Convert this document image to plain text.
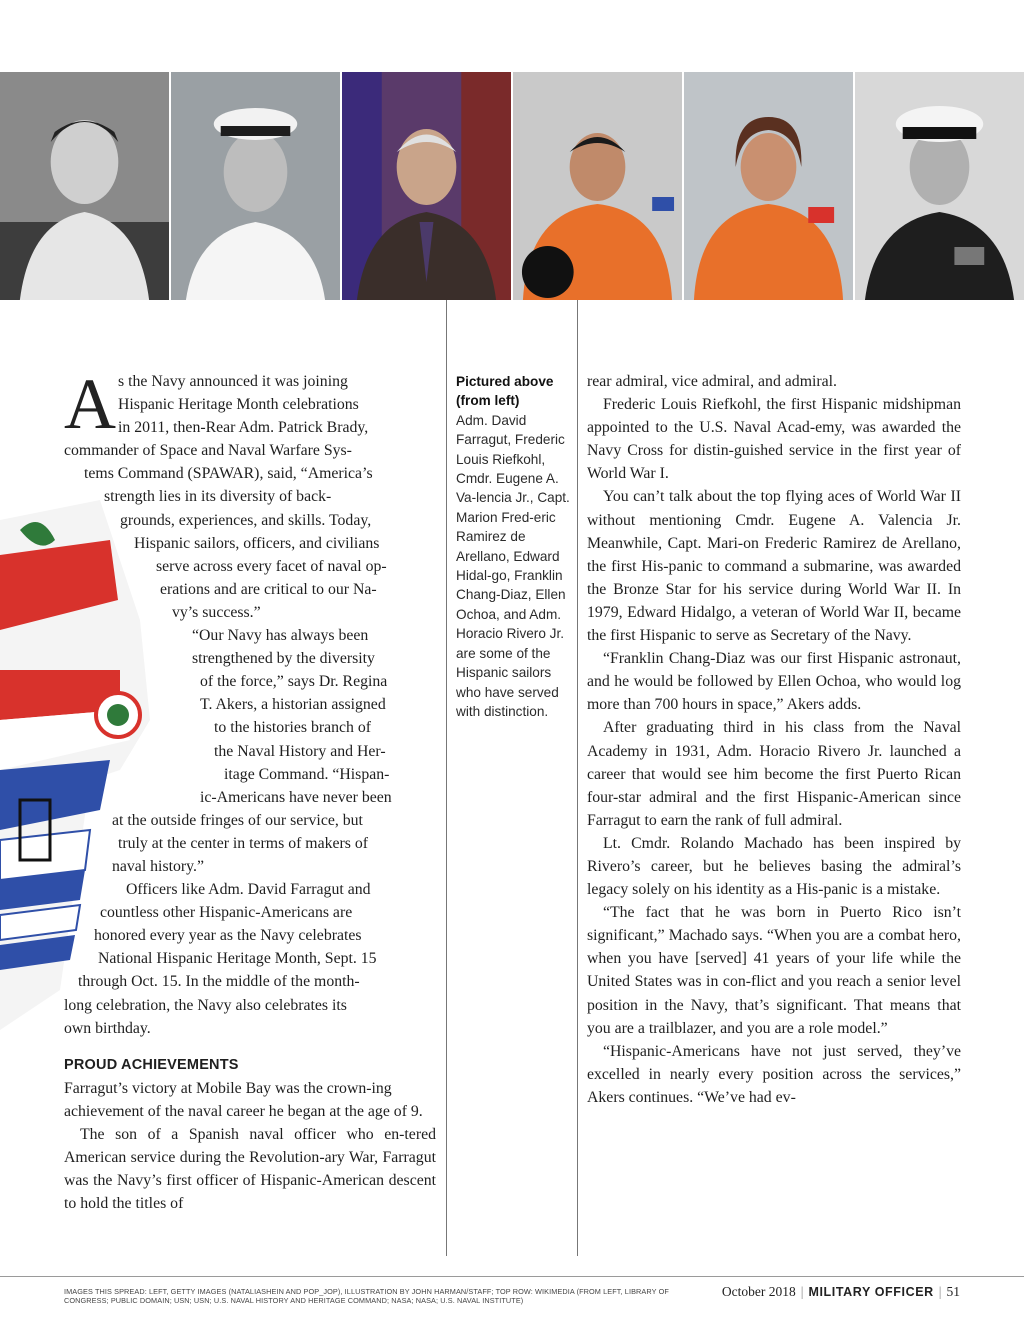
A s the Navy announced it was joining
Hispanic Heritage Month celebrations
in 2011, then-Rear Adm. Patrick Brady,
commander of Space and Naval Warfare Sys-
tems Command (SPAWAR), said, “America’s
strength lies in its diversity of back-
grounds, experiences, and skills. Today,
Hispanic sailors, officers, and civilians
serve across every facet of naval op-
erations and are critical to our Na-
vy’s success.”
“Our Navy has always been
strengthened by the diversity
of the force,” says Dr. Regina
T. Akers, a historian assigned
to the histories branch of
the Naval History and Her-
itage Command. “Hispan-
ic-Americans have never been
at the outside fringes of our service, but
truly at the center in terms of makers of
naval history.”
Officers like Adm. David Farragut and
countless other Hispanic-Americans are
honored every year as the Navy celebrates
National Hispanic Heritage Month, Sept. 15
through Oct. 15. In the middle of the month-
long celebration, the Navy also celebrates its
own birthday.

PROUD ACHIEVEMENTS

Farragut’s victory at Mobile Bay was the crown-ing achievement of the naval career he began at the age of 9.

The son of a Spanish naval officer who en-tered American service during the Revolution-ary War, Farragut was the Navy’s first officer of Hispanic-American descent to hold the titles of

Pictured above (from left)
Adm. David Farragut, Frederic Louis Riefkohl, Cmdr. Eugene A. Va-lencia Jr., Capt. Marion Fred-eric Ramirez de Arellano, Edward Hidal-go, Franklin Chang-Diaz, Ellen Ochoa, and Adm. Horacio Rivero Jr. are some of the Hispanic sailors who have served with distinction.

rear admiral, vice admiral, and admiral.

Frederic Louis Riefkohl, the first Hispanic midshipman appointed to the U.S. Naval Acad-emy, was awarded the Navy Cross for distin-guished service in the first year of World War I.

You can’t talk about the top flying aces of World War II without mentioning Cmdr. Eugene A. Valencia Jr. Meanwhile, Capt. Mari-on Frederic Ramirez de Arellano, the first His-panic to command a submarine, was awarded the Bronze Star for his service during World War II. In 1979, Edward Hidalgo, a veteran of World War II, became the first Hispanic to serve as Secretary of the Navy.

“Franklin Chang-Diaz was our first Hispanic astronaut, and he would be followed by Ellen Ochoa, who would log more than 700 hours in space,” Akers adds.

After graduating third in his class from the Naval Academy in 1931, Adm. Horacio Rivero Jr. launched a career that would see him become the first Puerto Rican four-star admiral and the first Hispanic-American since Farragut to earn the rank of full admiral.

Lt. Cmdr. Rolando Machado has been inspired by Rivero’s career, but he believes basing the admiral’s legacy solely on his identity as a His-panic is a mistake.

“The fact that he was born in Puerto Rico isn’t significant,” Machado says. “When you are a combat hero, when you have [served] 41 years of your life while the United States was in con-flict and you reach a senior level position in the Navy, that’s significant. That means that you are a trailblazer, and you are a role model.”

“Hispanic-Americans have not just served, they’ve excelled in nearly every position across the services,” Akers continues. “We’ve had ev-

IMAGES THIS SPREAD: LEFT, GETTY IMAGES (NATALIASHEIN AND POP_JOP), ILLUSTRATION BY JOHN HARMAN/STAFF; TOP ROW: WIKIMEDIA (FROM LEFT, LIBRARY OF CONGRESS; PUBLIC DOMAIN; USN; USN; U.S. NAVAL HISTORY AND HERITAGE COMMAND; NASA; NASA; U.S. NAVAL INSTITUTE)
October 2018 | MILITARY OFFICER | 51
